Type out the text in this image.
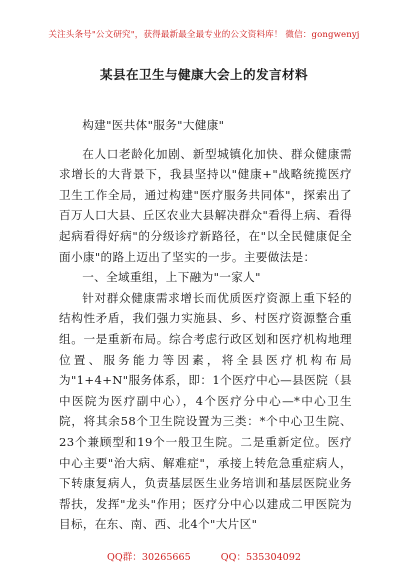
关注头条号"公文研究"，获得最新最全最专业的公文资料库！ 微信：gongwenyj
某县在卫生与健康大会上的发言材料

构建"医共体"服务"大健康"

在人口老龄化加剧、新型城镇化加快、群众健康需求增长的大背景下，我县坚持以"健康+"战略统揽医疗卫生工作全局，通过构建"医疗服务共同体"，探索出了百万人口大县、丘区农业大县解决群众"看得上病、看得起病看得好病"的分级诊疗新路径，在"以全民健康促全面小康"的路上迈出了坚实的一步。主要做法是：

一、全域重组，上下融为"一家人"

针对群众健康需求增长而优质医疗资源上重下轻的结构性矛盾，我们强力实施县、乡、村医疗资源整合重组。一是重新布局。综合考虑行政区划和医疗机构地理位置、服务能力等因素，将全县医疗机构布局为"1+4+N"服务体系，即：1个医疗中心—县医院（县中医院为医疗副中心），4个医疗分中心—*中心卫生院，将其余58个卫生院设置为三类：*个中心卫生院、23个兼顾型和19个一般卫生院。二是重新定位。医疗中心主要"治大病、解难症"，承接上转危急重症病人，下转康复病人，负责基层医生业务培训和基层医院业务帮扶，发挥"龙头"作用；医疗分中心以建成二甲医院为目标，在东、南、西、北4个"大片区"

QQ群：30265665	QQ：535304092
